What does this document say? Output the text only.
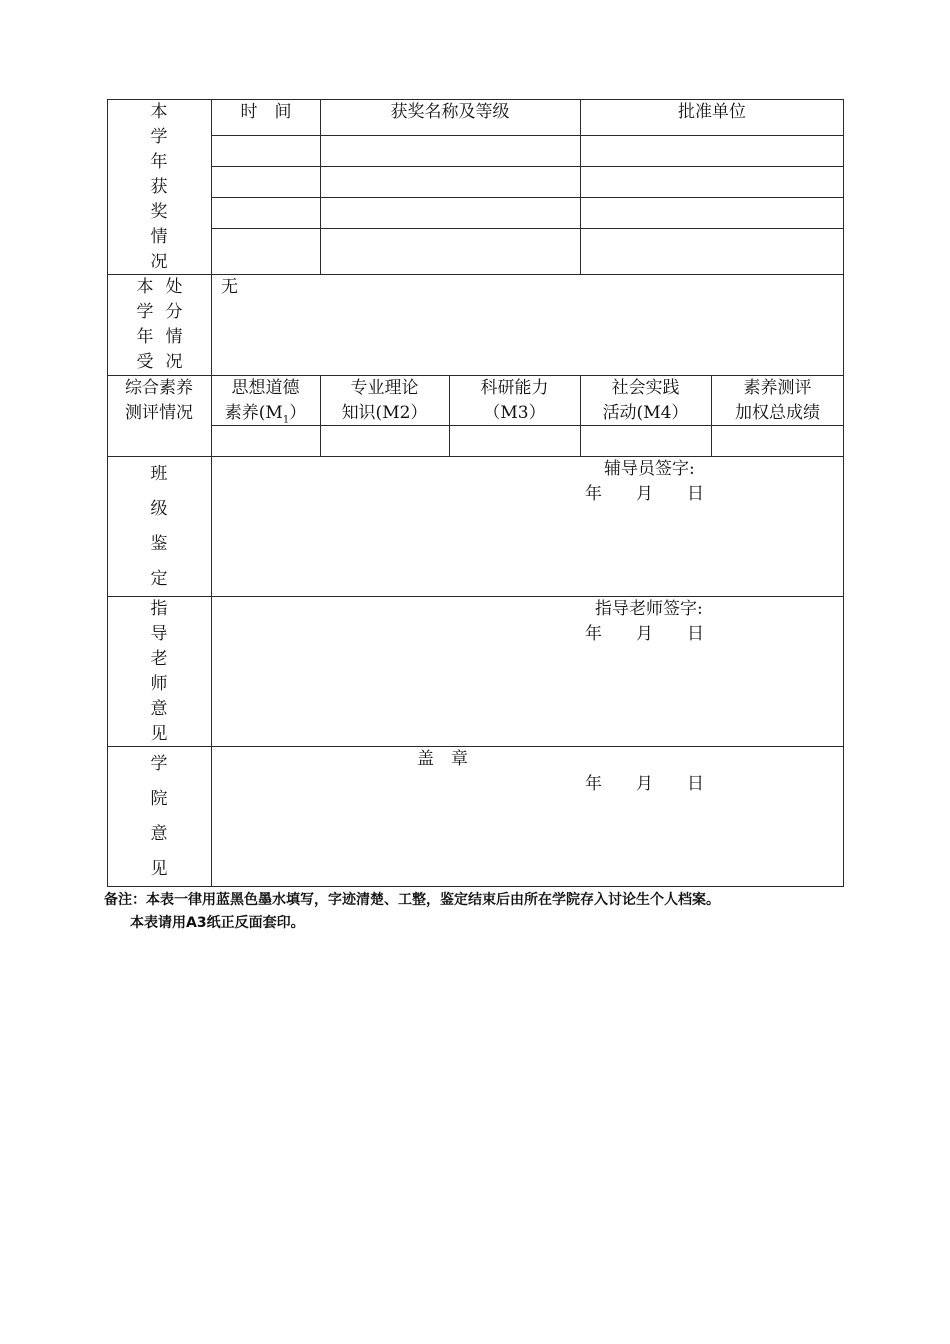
本
学
年
获
奖
情
况
时　间	获奖名称及等级	批准单位
本
学
年
受
处
分
情
况
无
综合素养
测评情况
思想道德
素养$(M_1)$
专业理论
知识(M2）
科研能力
（M3）
社会实践
活动(M4）
素养测评
加权总成绩
班
级
鉴
定
辅导员签字:
年　　月　　日
指
导
老
师
意
见
指导老师签字:
年　　月　　日
学
院
意
见
盖　章
年　　月　　日
备注：本表一律用蓝黑色墨水填写，字迹清楚、工整，鉴定结束后由所在学院存入讨论生个人档案。
本表请用A3纸正反面套印。
